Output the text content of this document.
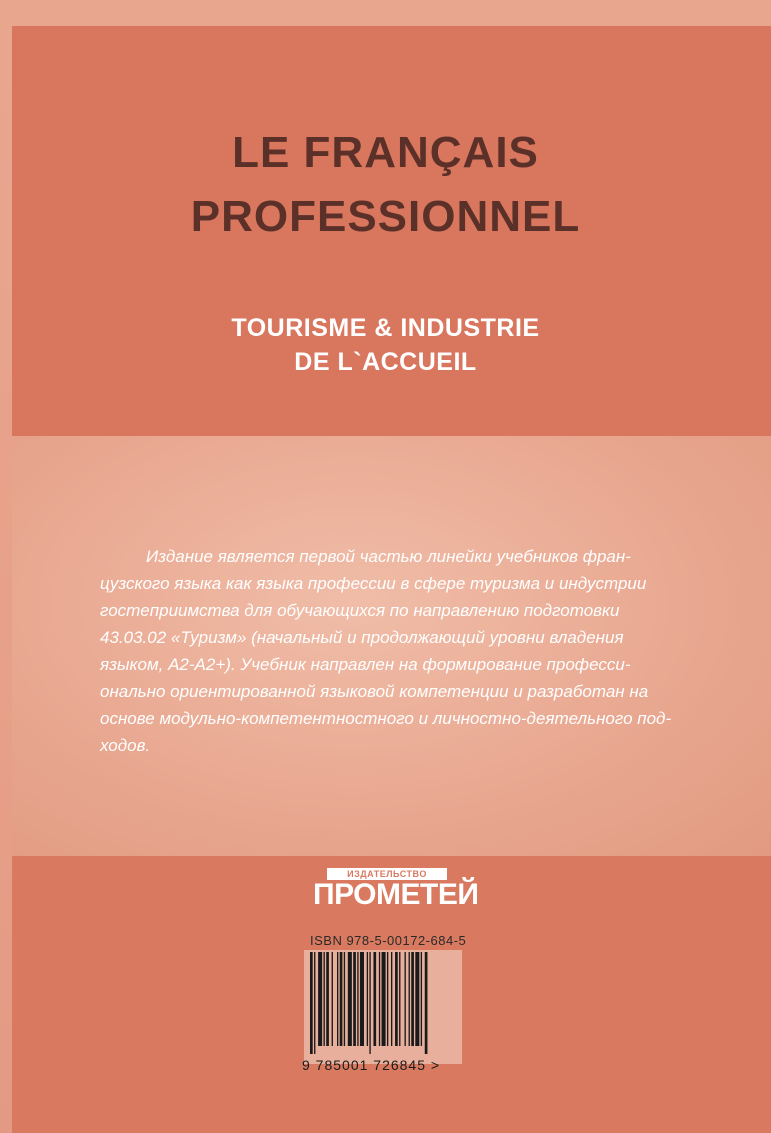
LE FRANÇAIS
PROFESSIONNEL
TOURISME & INDUSTRIE
DE L`ACCUEIL
Издание является первой частью линейки учебников фран-
цузского языка как языка профессии в сфере туризма и индустрии
гостеприимства для обучающихся по направлению подготовки
43.03.02 «Туризм» (начальный и продолжающий уровни владения
языком, А2-А2+). Учебник направлен на формирование професси-
онально ориентированной языковой компетенции и разработан на
основе модульно-компетентностного и личностно-деятельного под-
ходов.
ИЗДАТЕЛЬСТВО
ПРОМЕТЕЙ
ISBN 978-5-00172-684-5
9 785001 726845 >
